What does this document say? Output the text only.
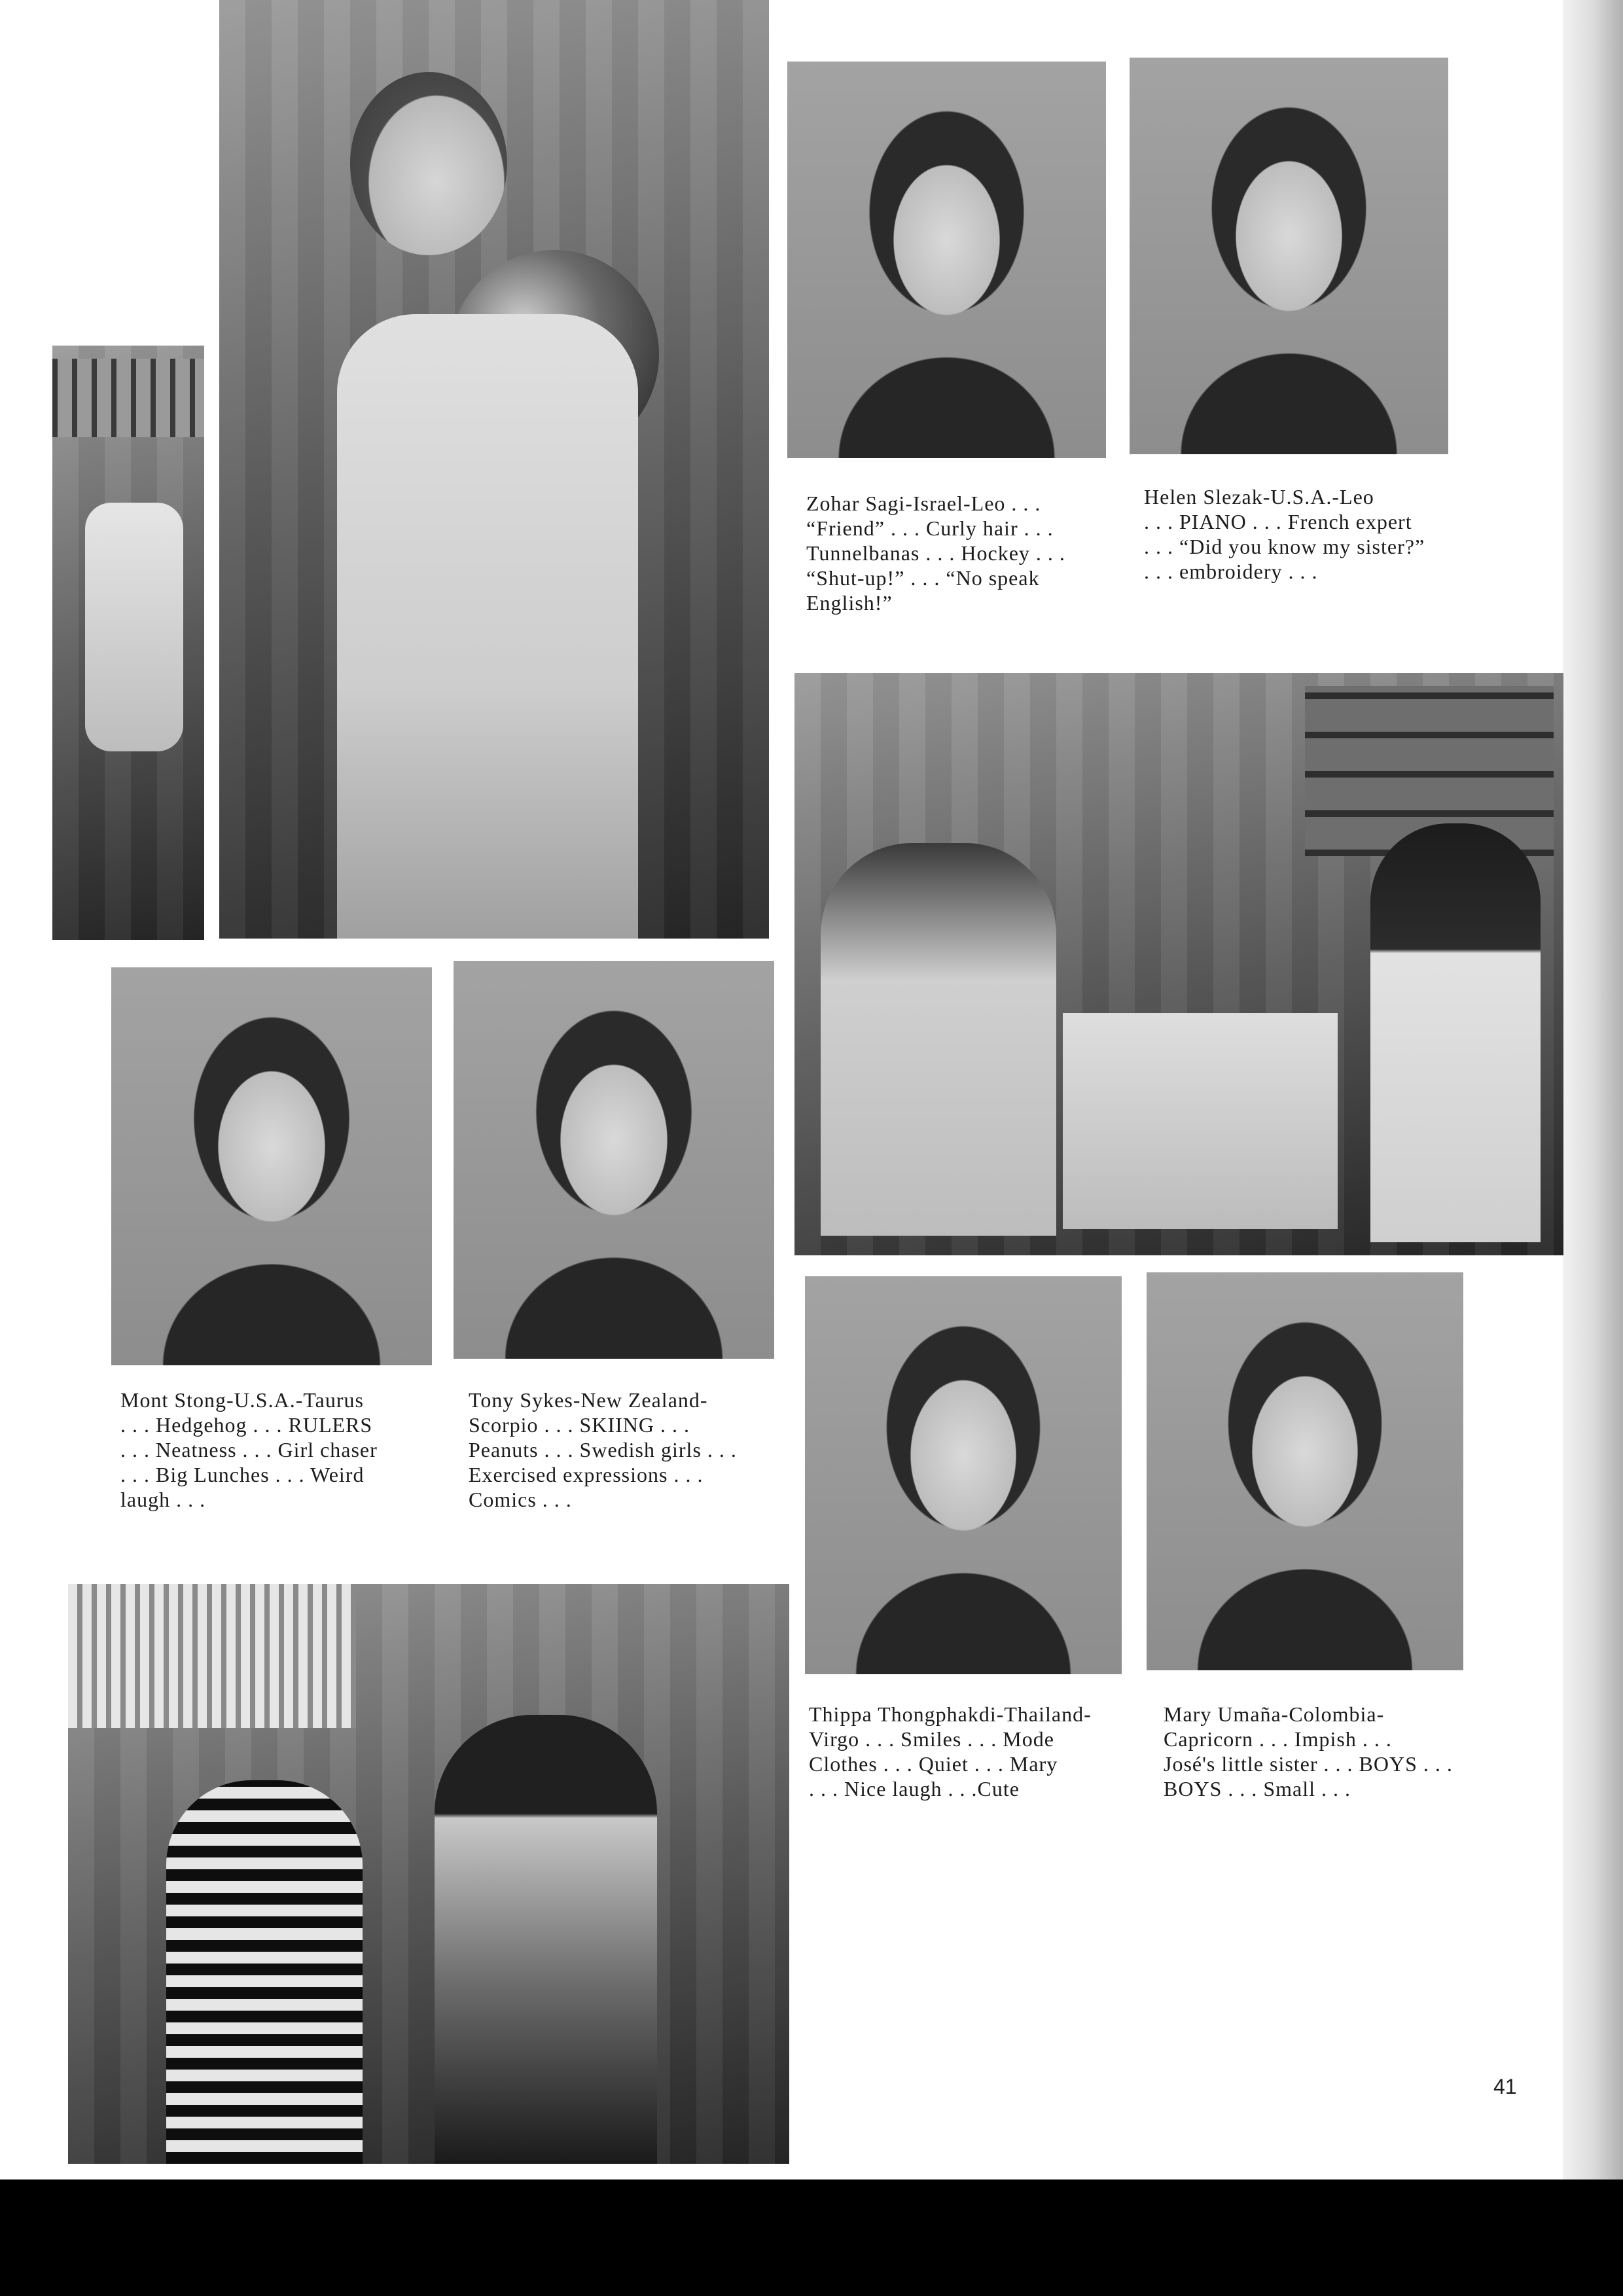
Zohar Sagi-Israel-Leo . . .
“Friend” . . . Curly hair . . .
Tunnelbanas . . . Hockey . . .
“Shut-up!” . . . “No speak
English!”
Helen Slezak-U.S.A.-Leo
. . . PIANO . . . French expert
. . . “Did you know my sister?”
. . . embroidery . . .
Mont Stong-U.S.A.-Taurus
. . . Hedgehog . . . RULERS
. . . Neatness . . . Girl chaser
. . . Big Lunches . . . Weird
laugh . . .
Tony Sykes-New Zealand-
Scorpio . . . SKIING . . .
Peanuts . . . Swedish girls . . .
Exercised expressions . . .
Comics . . .
Thippa Thongphakdi-Thailand-
Virgo . . . Smiles . . . Mode
Clothes . . . Quiet . . . Mary
. . . Nice laugh . . .Cute
Mary Umaña-Colombia-
Capricorn . . . Impish . . .
José's little sister . . . BOYS . . .
BOYS . . . Small . . .
41
